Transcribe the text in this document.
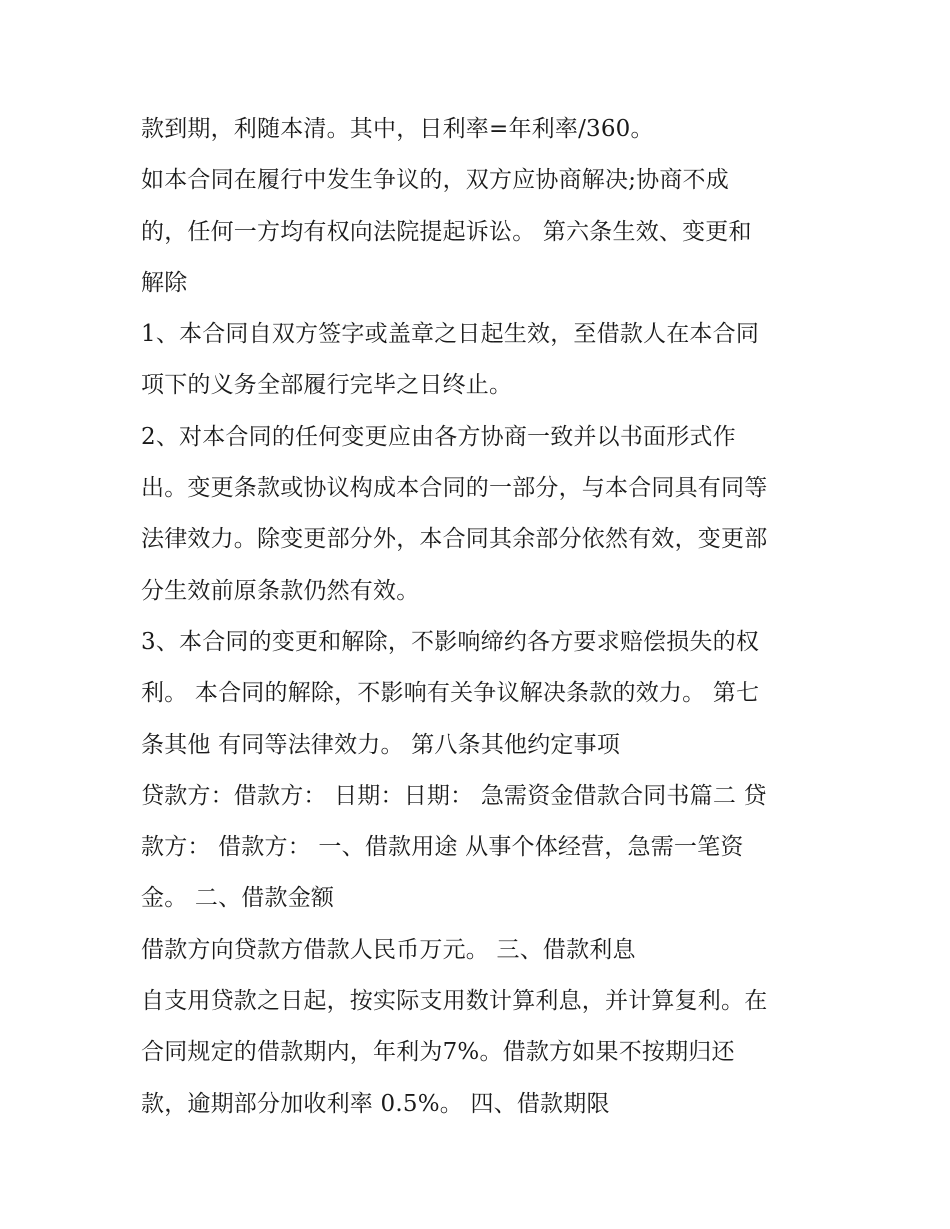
款到期，利随本清。其中，日利率=年利率/360。
如本合同在履行中发生争议的，双方应协商解决;协商不成
的，任何一方均有权向法院提起诉讼。 第六条生效、变更和
解除
1、本合同自双方签字或盖章之日起生效，至借款人在本合同
项下的义务全部履行完毕之日终止。
2、对本合同的任何变更应由各方协商一致并以书面形式作
出。变更条款或协议构成本合同的一部分，与本合同具有同等
法律效力。除变更部分外，本合同其余部分依然有效，变更部
分生效前原条款仍然有效。
3、本合同的变更和解除，不影响缔约各方要求赔偿损失的权
利。 本合同的解除，不影响有关争议解决条款的效力。 第七
条其他 有同等法律效力。 第八条其他约定事项
贷款方：借款方： 日期：日期： 急需资金借款合同书篇二 贷
款方： 借款方： 一、借款用途 从事个体经营，急需一笔资
金。 二、借款金额
借款方向贷款方借款人民币万元。 三、借款利息
自支用贷款之日起，按实际支用数计算利息，并计算复利。在
合同规定的借款期内，年利为7%。借款方如果不按期归还
款，逾期部分加收利率 0.5%。 四、借款期限
